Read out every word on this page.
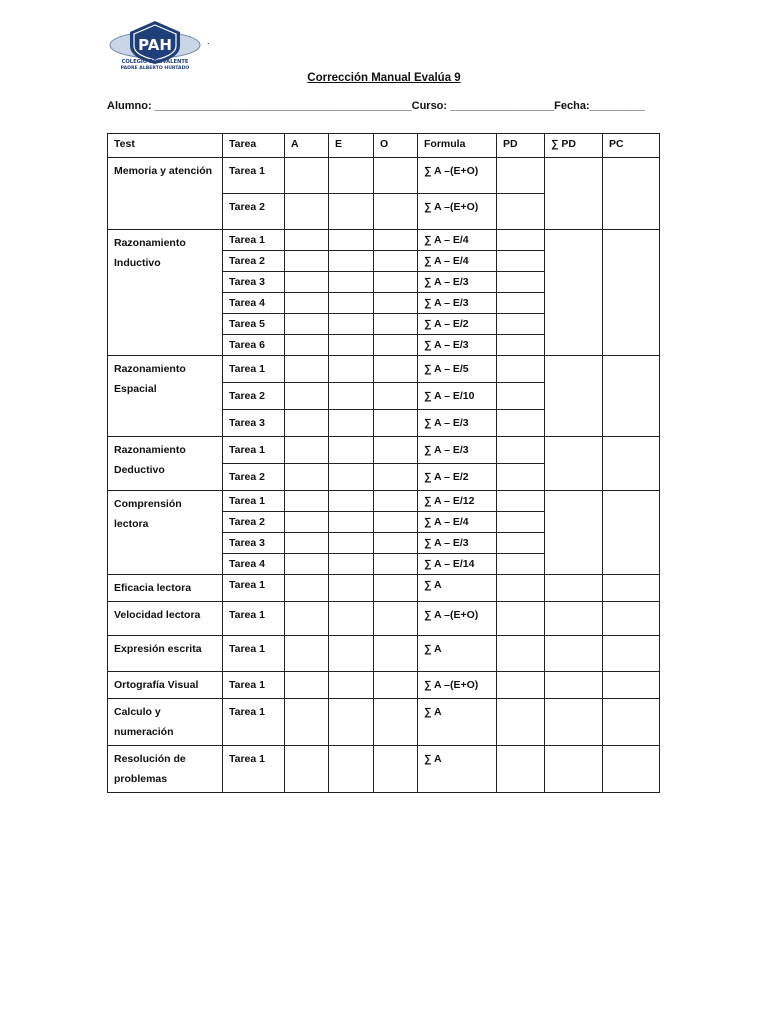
PAH
COLEGIO POLIVALENTE
PADRE ALBERTO HURTADO
.
Corrección Manual Evalúa 9
Alumno: __________________________________________Curso: _________________Fecha:_________
Test	Tarea	A	E	O	Formula	PD	∑ PD	PC
Memoria y atención	Tarea 1				∑ A –(E+O)			
	Tarea 2				∑ A –(E+O)			
Razonamiento Inductivo	Tarea 1				∑ A – E/4			
	Tarea 2				∑ A – E/4			
	Tarea 3				∑ A – E/3			
	Tarea 4				∑ A – E/3			
	Tarea 5				∑ A – E/2			
	Tarea 6				∑ A – E/3			
Razonamiento Espacial	Tarea 1				∑ A – E/5			
	Tarea 2				∑ A – E/10			
	Tarea 3				∑ A – E/3			
Razonamiento Deductivo	Tarea 1				∑ A – E/3			
	Tarea 2				∑ A – E/2			
Comprensión lectora	Tarea 1				∑ A – E/12			
	Tarea 2				∑ A – E/4			
	Tarea 3				∑ A – E/3			
	Tarea 4				∑ A – E/14			
Eficacia lectora	Tarea 1				∑ A			
Velocidad lectora	Tarea 1				∑ A –(E+O)			
Expresión escrita	Tarea 1				∑ A			
Ortografía Visual	Tarea 1				∑ A –(E+O)			
Calculo y numeración	Tarea 1				∑ A			
Resolución de problemas	Tarea 1				∑ A			
